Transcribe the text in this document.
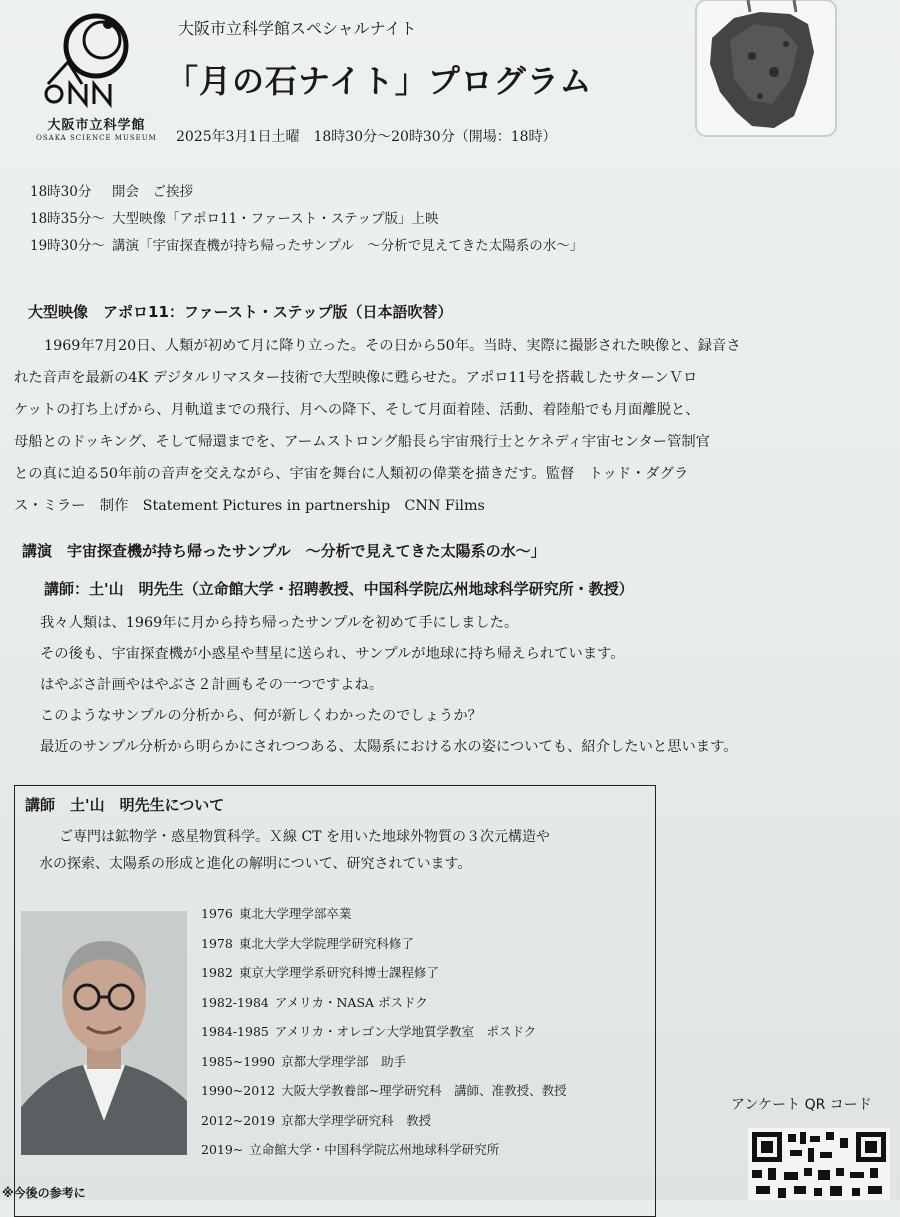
大阪市立科学館
OSAKA SCIENCE MUSEUM
大阪市立科学館スペシャルナイト
「月の石ナイト」プログラム
2025年3月1日土曜　18時30分～20時30分（開場：18時）
18時30分 開会　ご挨拶
18時35分～ 大型映像「アポロ11・ファースト・ステップ版」上映
19時30分～ 講演「宇宙探査機が持ち帰ったサンプル　～分析で見えてきた太陽系の水～」
大型映像　アポロ11：ファースト・ステップ版（日本語吹替）
1969年7月20日、人類が初めて月に降り立った。その日から50年。当時、実際に撮影された映像と、録音さ
れた音声を最新の4K デジタルリマスター技術で大型映像に甦らせた。アポロ11号を搭載したサターンＶロ
ケットの打ち上げから、月軌道までの飛行、月への降下、そして月面着陸、活動、着陸船でも月面離脱と、
母船とのドッキング、そして帰還までを、アームストロング船長ら宇宙飛行士とケネディ宇宙センター管制官
との真に迫る50年前の音声を交えながら、宇宙を舞台に人類初の偉業を描きだす。監督　トッド・ダグラ
ス・ミラー　制作　Statement Pictures in partnership　CNN Films
講演　宇宙探査機が持ち帰ったサンプル　～分析で見えてきた太陽系の水～」
講師：土'山　明先生（立命館大学・招聘教授、中国科学院広州地球科学研究所・教授）
我々人類は、1969年に月から持ち帰ったサンプルを初めて手にしました。
その後も、宇宙探査機が小惑星や彗星に送られ、サンプルが地球に持ち帰えられています。
はやぶさ計画やはやぶさ２計画もその一つですよね。
このようなサンプルの分析から、何が新しくわかったのでしょうか？
最近のサンプル分析から明らかにされつつある、太陽系における水の姿についても、紹介したいと思います。
講師　土'山　明先生について
ご専門は鉱物学・惑星物質科学。Ｘ線 CT を用いた地球外物質の３次元構造や
水の探索、太陽系の形成と進化の解明について、研究されています。
1976 東北大学理学部卒業
1978 東北大学大学院理学研究科修了
1982 東京大学理学系研究科博士課程修了
1982-1984 アメリカ・NASA ポスドク
1984-1985 アメリカ・オレゴン大学地質学教室　ポスドク
1985~1990 京都大学理学部　助手
1990~2012 大阪大学教養部~理学研究科　講師、准教授、教授
2012~2019 京都大学理学研究科　教授
2019~ 立命館大学・中国科学院広州地球科学研究所
アンケート QR コード
※今後の参考に
